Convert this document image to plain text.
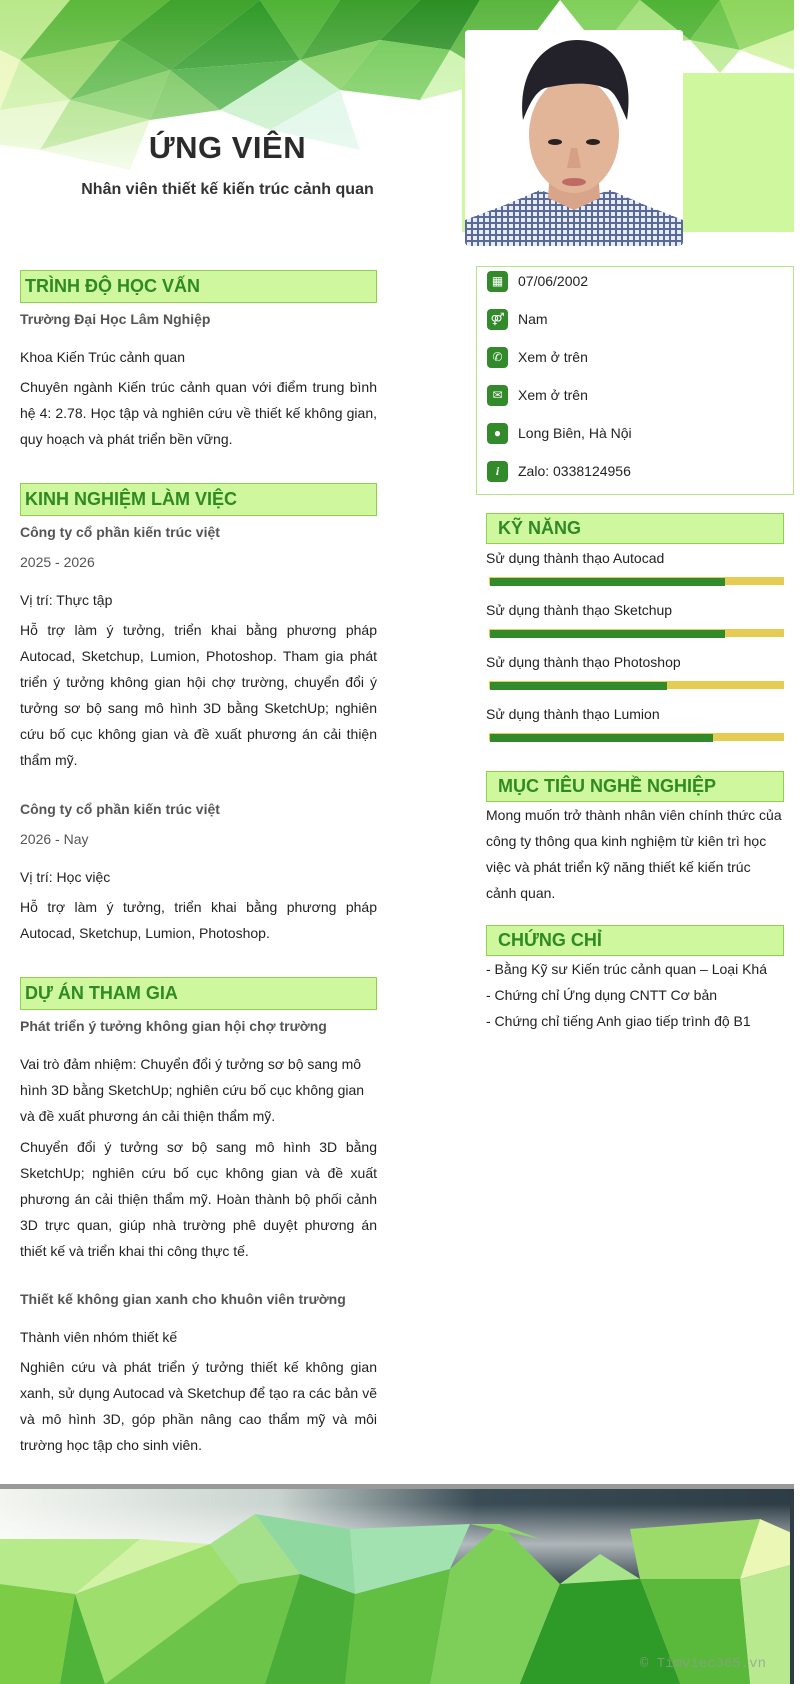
ỨNG VIÊN
Nhân viên thiết kế kiến trúc cảnh quan
TRÌNH ĐỘ HỌC VẤN
Trường Đại Học Lâm Nghiệp
Khoa Kiến Trúc cảnh quan
Chuyên ngành Kiến trúc cảnh quan với điểm trung bình hệ 4: 2.78. Học tập và nghiên cứu về thiết kế không gian, quy hoạch và phát triển bền vững.
KINH NGHIỆM LÀM VIỆC
Công ty cổ phần kiến trúc việt
2025 - 2026
Vị trí: Thực tập
Hỗ trợ làm ý tưởng, triển khai bằng phương pháp Autocad, Sketchup, Lumion, Photoshop. Tham gia phát triển ý tưởng không gian hội chợ trường, chuyển đổi ý tưởng sơ bộ sang mô hình 3D bằng SketchUp; nghiên cứu bố cục không gian và đề xuất phương án cải thiện thẩm mỹ.
Công ty cổ phần kiến trúc việt
2026 - Nay
Vị trí: Học việc
Hỗ trợ làm ý tưởng, triển khai bằng phương pháp Autocad, Sketchup, Lumion, Photoshop.
DỰ ÁN THAM GIA
Phát triển ý tưởng không gian hội chợ trường
Vai trò đảm nhiệm: Chuyển đổi ý tưởng sơ bộ sang mô hình 3D bằng SketchUp; nghiên cứu bố cục không gian và đề xuất phương án cải thiện thẩm mỹ.
Chuyển đổi ý tưởng sơ bộ sang mô hình 3D bằng SketchUp; nghiên cứu bố cục không gian và đề xuất phương án cải thiện thẩm mỹ. Hoàn thành bộ phối cảnh 3D trực quan, giúp nhà trường phê duyệt phương án thiết kế và triển khai thi công thực tế.
Thiết kế không gian xanh cho khuôn viên trường
Thành viên nhóm thiết kế
Nghiên cứu và phát triển ý tưởng thiết kế không gian xanh, sử dụng Autocad và Sketchup để tạo ra các bản vẽ và mô hình 3D, góp phần nâng cao thẩm mỹ và môi trường học tập cho sinh viên.
▦	07/06/2002
⚤ Nam
✆	Xem ở trên
✉	Xem ở trên
●	Long Biên, Hà Nội
i	Zalo: 0338124956
KỸ NĂNG
Sử dụng thành thạo Autocad
Sử dụng thành thạo Sketchup
Sử dụng thành thạo Photoshop
Sử dụng thành thạo Lumion
MỤC TIÊU NGHỀ NGHIỆP
Mong muốn trở thành nhân viên chính thức của công ty thông qua kinh nghiệm từ kiên trì học việc và phát triển kỹ năng thiết kế kiến trúc cảnh quan.
CHỨNG CHỈ
- Bằng Kỹ sư Kiến trúc cảnh quan – Loại Khá
- Chứng chỉ Ứng dụng CNTT Cơ bản
- Chứng chỉ tiếng Anh giao tiếp trình độ B1
© Timviec365.vn
